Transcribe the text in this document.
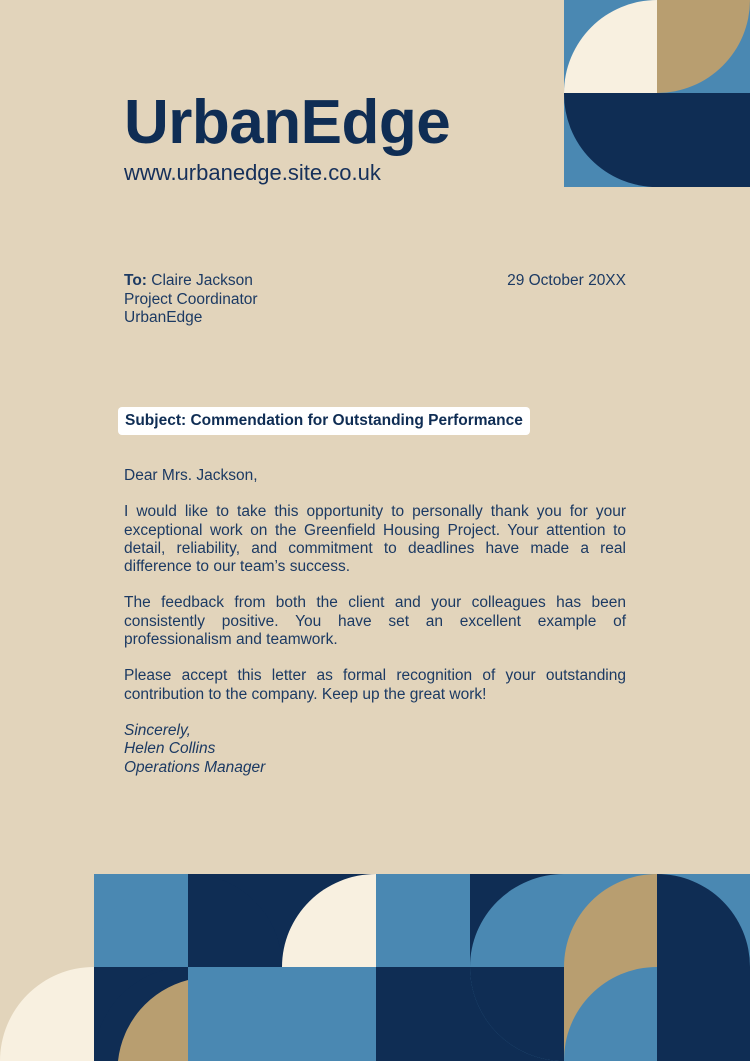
UrbanEdge
www.urbanedge.site.co.uk
To: Claire Jackson
Project Coordinator
UrbanEdge
29 October 20XX
Subject: Commendation for Outstanding Performance

Dear Mrs. Jackson,

I would like to take this opportunity to personally thank you for your exceptional work on the Greenfield Housing Project. Your attention to detail, reliability, and commitment to deadlines have made a real difference to our team’s success.

The feedback from both the client and your colleagues has been consistently positive. You have set an excellent example of professionalism and teamwork.

Please accept this letter as formal recognition of your outstanding contribution to the company. Keep up the great work!

Sincerely,
Helen Collins
Operations Manager
